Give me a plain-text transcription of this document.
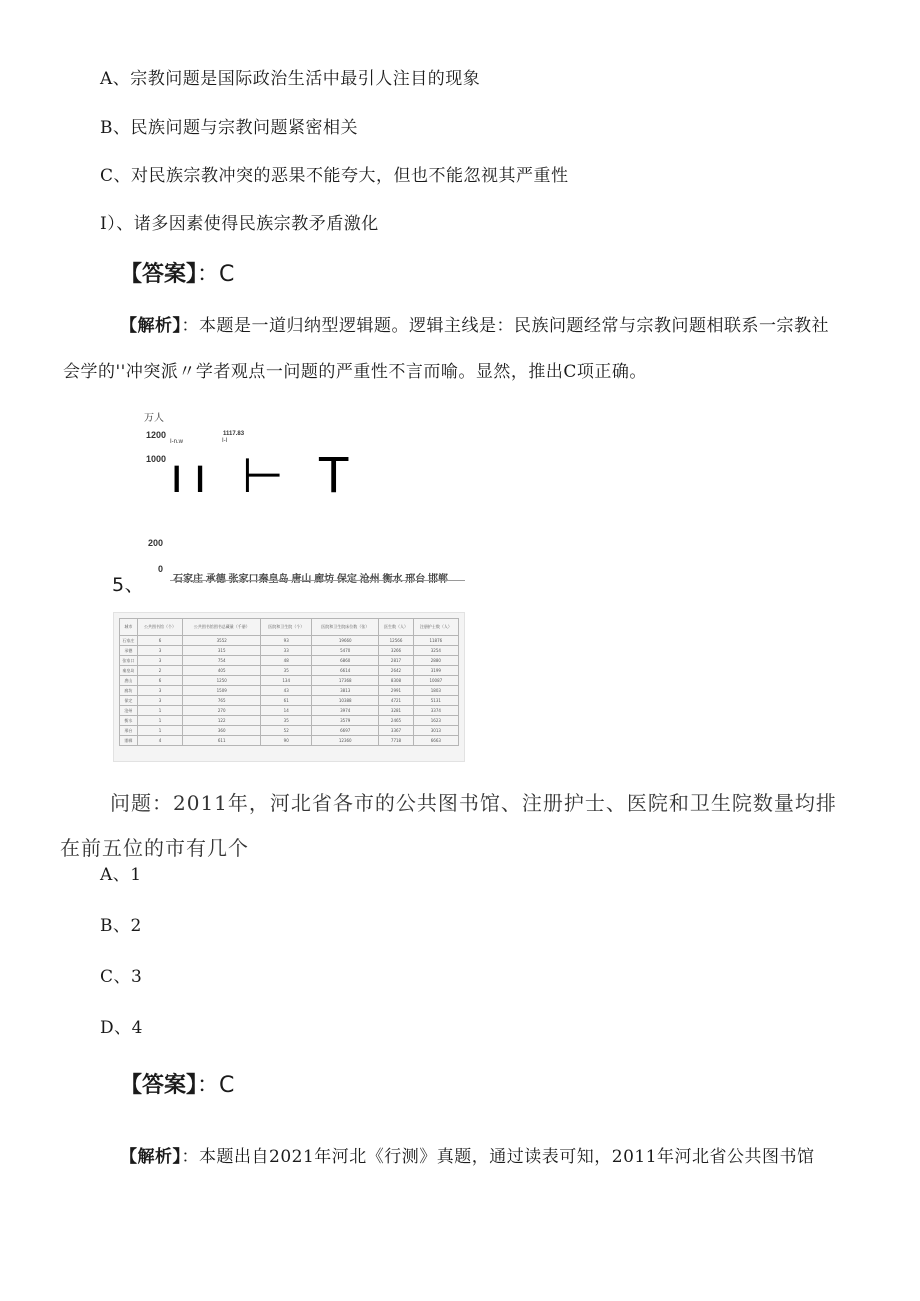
A、宗教问题是国际政治生活中最引人注目的现象
B、民族问题与宗教问题紧密相关
C、对民族宗教冲突的恶果不能夸大，但也不能忽视其严重性
I）、诸多因素使得民族宗教矛盾激化
【答案】：C
【解析】：本题是一道归纳型逻辑题。逻辑主线是：民族问题经常与宗教问题相联系一宗教社
会学的''冲突派〃学者观点一问题的严重性不言而喻。显然，推出C项正确。
万人
1200
I-n.w
1117.83
I-I
1000 ıı ⊢ T
200
0
5、
城市	公共图书馆（个）	公共图书馆图书总藏量（千册）	医院和卫生院（个）	医院和卫生院床位数（张）	医生数（人）	注册护士数（人）
石家庄	6	3552	93	19660	12566	11876
承德	3	315	33	5470	3266	3254
张家口	3	754	48	6860	2817	2880
秦皇岛	2	405	35	6614	2642	3199
唐山	6	1250	134	17368	8308	10087
廊坊	3	1509	43	3813	2991	1803
保定	3	765	61	10388	4721	5131
沧州	1	270	14	3974	3281	3374
衡水	1	122	35	3579	2465	1623
邢台	1	360	52	6697	3367	3013
邯郸	4	611	90	12360	7718	6663
问题：2011年，河北省各市的公共图书馆、注册护士、医院和卫生院数量均排
在前五位的市有几个
A、1
B、2
C、3
D、4
【答案】：C
【解析】：本题出自2021年河北《行测》真题，通过读表可知，2011年河北省公共图书馆
